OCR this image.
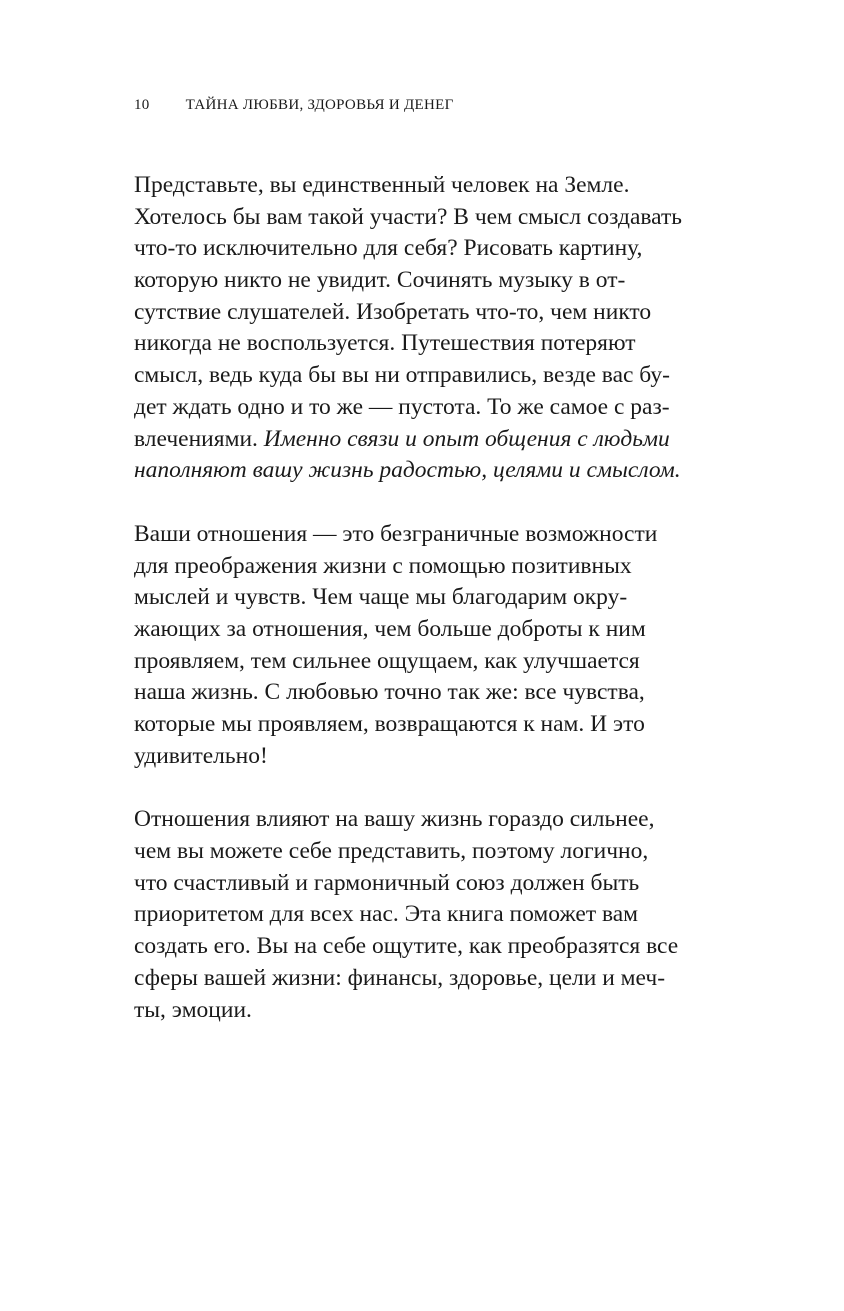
10 ТАЙНА ЛЮБВИ, ЗДОРОВЬЯ И ДЕНЕГ
Представьте, вы единственный человек на Земле.
Хотелось бы вам такой участи? В чем смысл создавать
что-то исключительно для себя? Рисовать картину,
которую никто не увидит. Сочинять музыку в от-
сутствие слушателей. Изобретать что-то, чем никто
никогда не воспользуется. Путешествия потеряют
смысл, ведь куда бы вы ни отправились, везде вас бу-
дет ждать одно и то же — пустота. То же самое с раз-
влечениями. Именно связи и опыт общения с людьми
наполняют вашу жизнь радостью, целями и смыслом.
Ваши отношения — это безграничные возможности
для преображения жизни с помощью позитивных
мыслей и чувств. Чем чаще мы благодарим окру-
жающих за отношения, чем больше доброты к ним
проявляем, тем сильнее ощущаем, как улучшается
наша жизнь. С любовью точно так же: все чувства,
которые мы проявляем, возвращаются к нам. И это
удивительно!
Отношения влияют на вашу жизнь гораздо сильнее,
чем вы можете себе представить, поэтому логично,
что счастливый и гармоничный союз должен быть
приоритетом для всех нас. Эта книга поможет вам
создать его. Вы на себе ощутите, как преобразятся все
сферы вашей жизни: финансы, здоровье, цели и меч-
ты, эмоции.
